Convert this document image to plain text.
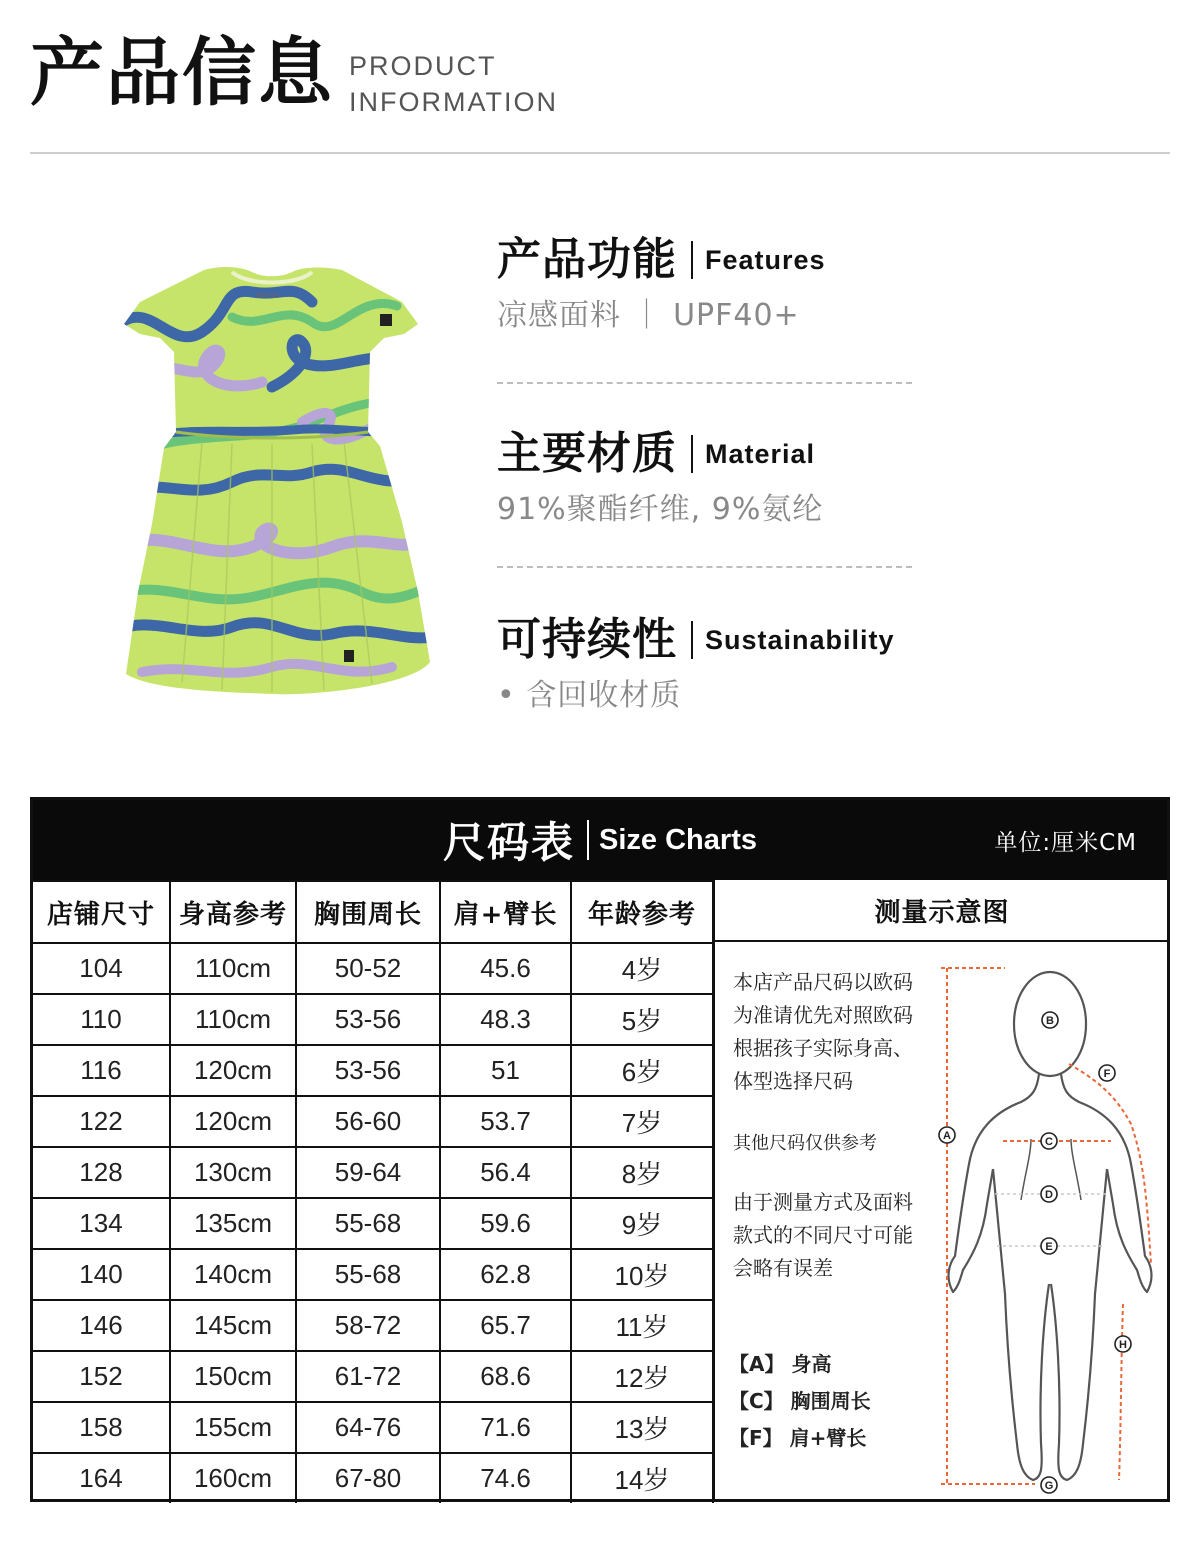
产品信息 PRODUCT
INFORMATION
reima
产品功能 Features
凉感面料 ｜ UPF40+
主要材质 Material
91%聚酯纤维, 9%氨纶
可持续性 Sustainability
• 含回收材质
尺码表 Size Charts	单位:厘米CM
店铺尺寸	身高参考	胸围周长	肩+臂长	年龄参考
104	110cm	50-52	45.6	4岁
110	110cm	53-56	48.3	5岁
116	120cm	53-56	51	6岁
122	120cm	56-60	53.7	7岁
128	130cm	59-64	56.4	8岁
134	135cm	55-68	59.6	9岁
140	140cm	55-68	62.8	10岁
146	145cm	58-72	65.7	11岁
152	150cm	61-72	68.6	12岁
158	155cm	64-76	71.6	13岁
164	160cm	67-80	74.6	14岁
测量示意图
本店产品尺码以欧码
为准请优先对照欧码
根据孩子实际身高、
体型选择尺码
其他尺码仅供参考
由于测量方式及面料
款式的不同尺寸可能
会略有误差
【A】 身高
【C】 胸围周长
【F】 肩+臂长
A
B
C
D
E
F
G
H
